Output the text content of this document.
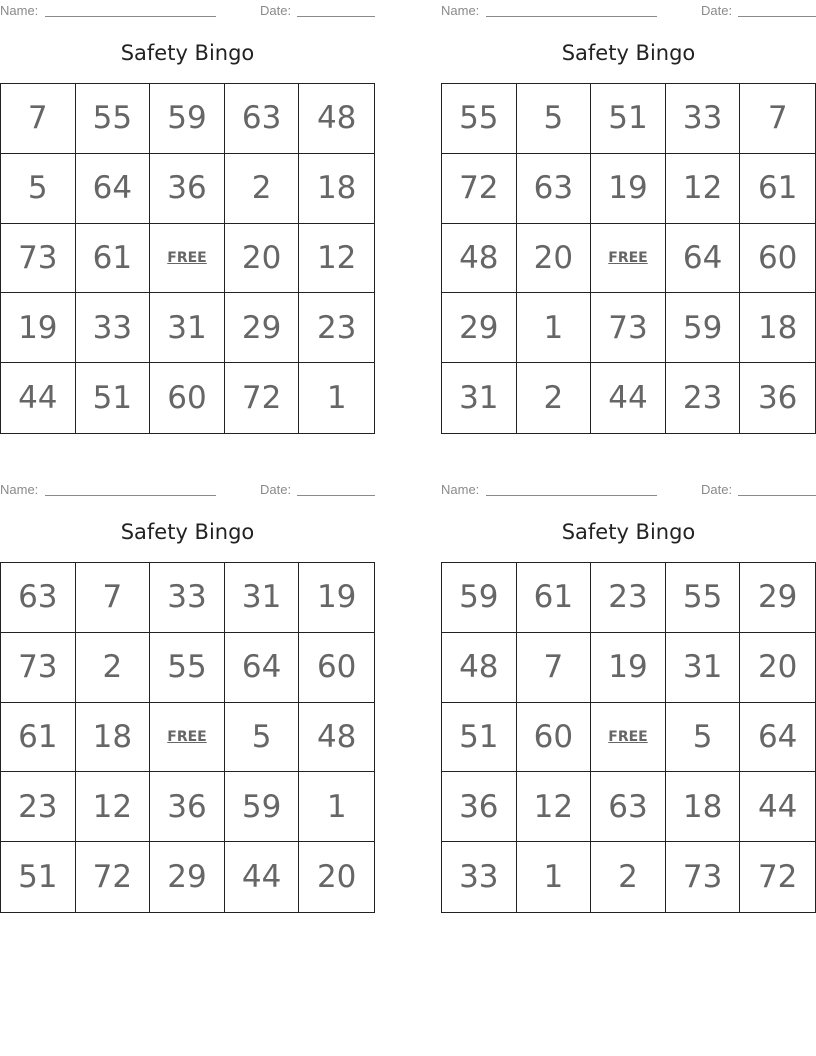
Name:	Date:
Safety Bingo
7	55	59	63	48
5	64	36	2	18
73	61	FREE	20	12
19	33	31	29	23
44	51	60	72	1
Name:	Date:
Safety Bingo
55	5	51	33	7
72	63	19	12	61
48	20	FREE	64	60
29	1	73	59	18
31	2	44	23	36
Name:	Date:
Safety Bingo
63	7	33	31	19
73	2	55	64	60
61	18	FREE	5	48
23	12	36	59	1
51	72	29	44	20
Name:	Date:
Safety Bingo
59	61	23	55	29
48	7	19	31	20
51	60	FREE	5	64
36	12	63	18	44
33	1	2	73	72
